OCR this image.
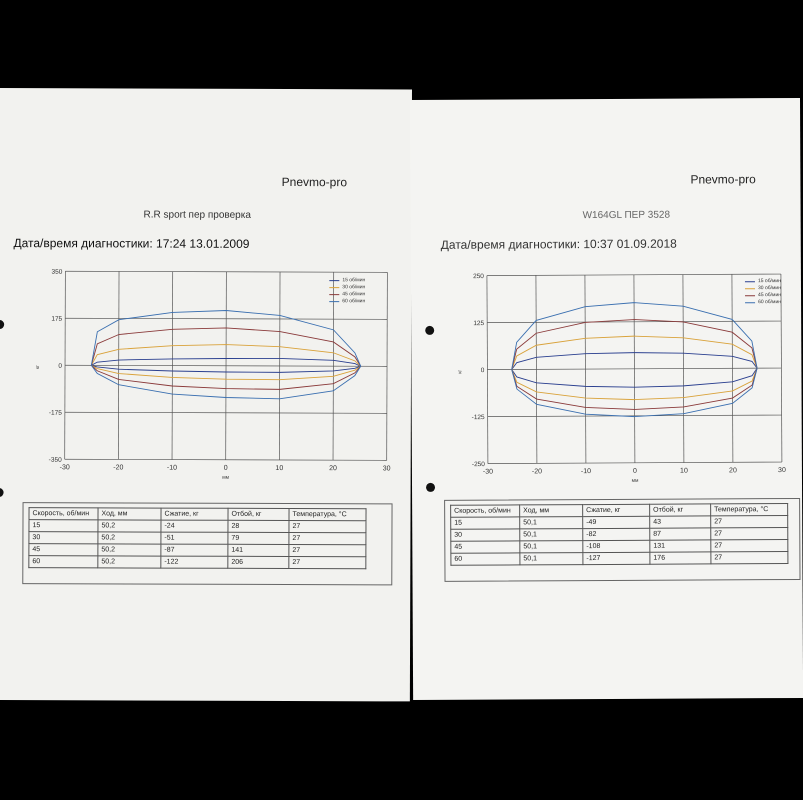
Pnevmo-pro
R.R sport пер проверка
Дата/время диагностики: 17:24 13.01.2009
-30	-20	-10	0	10	20	30
350
175
0
-175
-350
мм
кг
15 об/мин
30 об/мин
45 об/мин
60 об/мин
Скорость, об/мин	Ход, мм	Сжатие, кг	Отбой, кг	Температура, °C
15	50,2	-24	28	27
30	50,2	-51	79	27
45	50,2	-87	141	27
60	50,2	-122	206	27
Pnevmo-pro
W164GL ПЕР 3528
Дата/время диагностики: 10:37 01.09.2018
-30	-20	-10	0	10	20	30
250
125
0
-125
-250
мм
кг
15 об/мин
30 об/мин
45 об/мин
60 об/мин
Скорость, об/мин	Ход, мм	Сжатие, кг	Отбой, кг	Температура, °C
15	50,1	-49	43	27
30	50,1	-82	87	27
45	50,1	-108	131	27
60	50,1	-127	176	27
